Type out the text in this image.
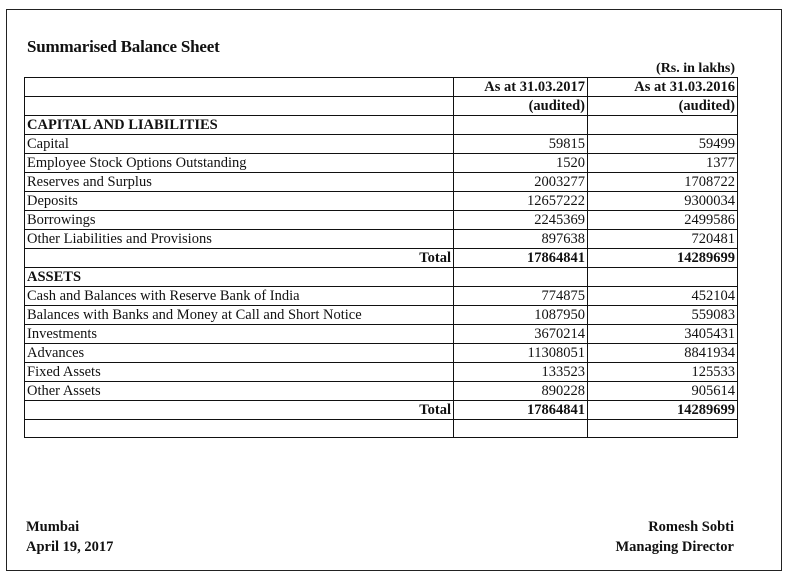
Summarised Balance Sheet
(Rs. in lakhs)
	As at 31.03.2017	As at 31.03.2016
	(audited)	(audited)
CAPITAL AND LIABILITIES		
Capital	59815	59499
Employee Stock Options Outstanding	1520	1377
Reserves and Surplus	2003277	1708722
Deposits	12657222	9300034
Borrowings	2245369	2499586
Other Liabilities and Provisions	897638	720481
Total	17864841	14289699
ASSETS		
Cash and Balances with Reserve Bank of India	774875	452104
Balances with Banks and Money at Call and Short Notice	1087950	559083
Investments	3670214	3405431
Advances	11308051	8841934
Fixed Assets	133523	125533
Other Assets	890228	905614
Total	17864841	14289699

Mumbai
April 19, 2017
Romesh Sobti
Managing Director
